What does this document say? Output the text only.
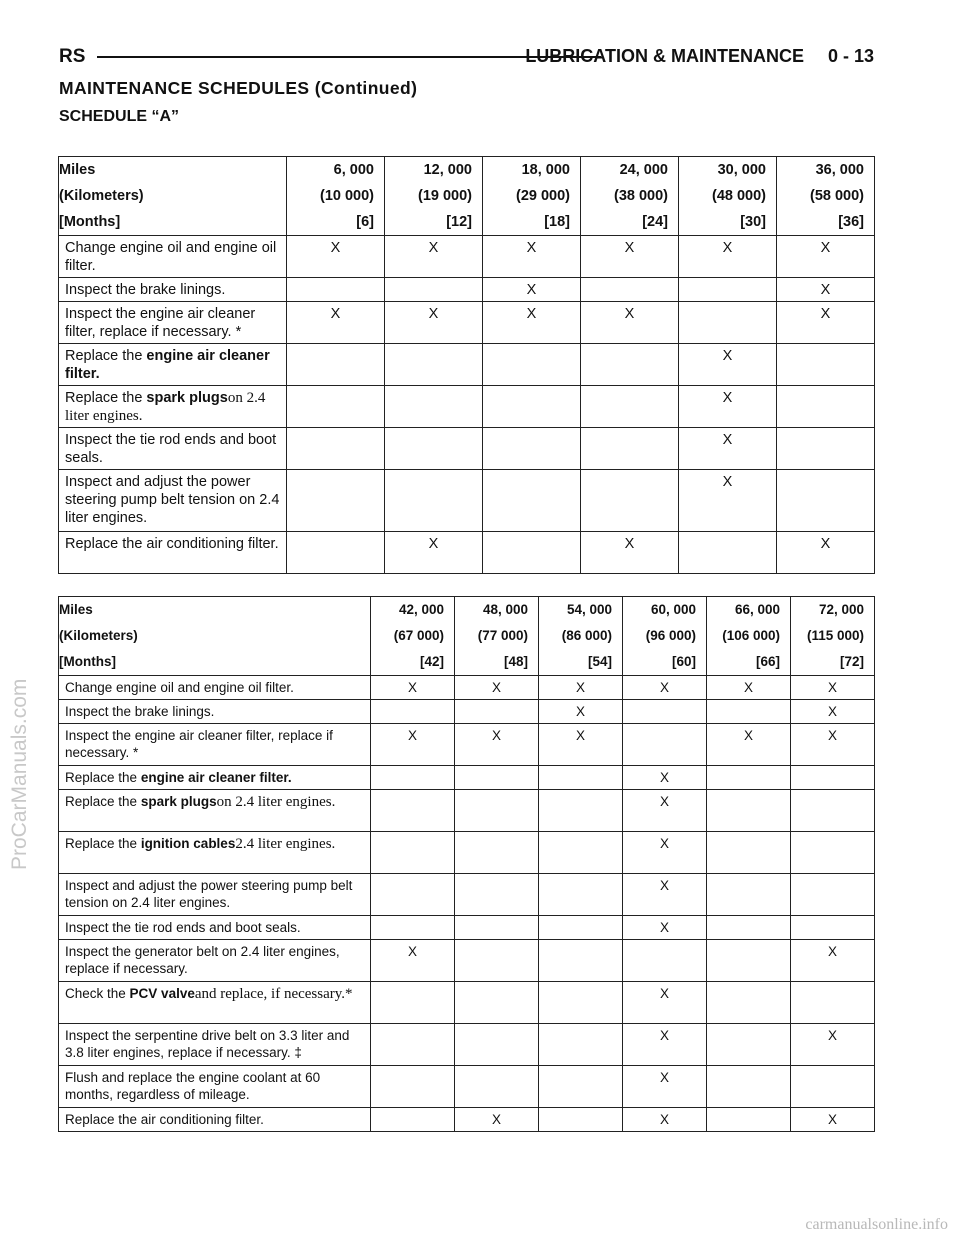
RS	LUBRICATION & MAINTENANCE 0 - 13
MAINTENANCE SCHEDULES (Continued)
SCHEDULE “A”
Miles	6, 000	12, 000	18, 000	24, 000	30, 000	36, 000

(Kilometers)	(10 000)	(19 000)	(29 000)	(38 000)	(48 000)	(58 000)

[Months]	[6]	[12]	[18]	[24]	[30]	[36]

Change engine oil and engine oil filter.	X	X	X	X	X	X
Inspect the brake linings.			X			X
Inspect the engine air cleaner filter, replace if necessary. *	X	X	X	X		X
Replace the engine air cleaner filter.					X	
Replace the spark plugson 2.4 liter engines.					X	
Inspect the tie rod ends and boot seals.					X	
Inspect and adjust the power steering pump belt tension on 2.4 liter engines.					X	
Replace the air conditioning filter.		X		X		X
Miles	42, 000	48, 000	54, 000	60, 000	66, 000	72, 000

(Kilometers)	(67 000)	(77 000)	(86 000)	(96 000)	(106 000)	(115 000)

[Months]	[42]	[48]	[54]	[60]	[66]	[72]

Change engine oil and engine oil filter.	X	X	X	X	X	X
Inspect the brake linings.			X			X
Inspect the engine air cleaner filter, replace if necessary. *	X	X	X		X	X
Replace the engine air cleaner filter.				X		
Replace the spark plugson 2.4 liter engines.				X		
Replace the ignition cables2.4 liter engines.				X		
Inspect and adjust the power steering pump belt tension on 2.4 liter engines.				X		
Inspect the tie rod ends and boot seals.				X		
Inspect the generator belt on 2.4 liter engines, replace if necessary.	X					X
Check the PCV valveand replace, if necessary.*				X		
Inspect the serpentine drive belt on 3.3 liter and 3.8 liter engines, replace if necessary. ‡				X		X
Flush and replace the engine coolant at 60 months, regardless of mileage.				X		
Replace the air conditioning filter.		X		X		X
ProCarManuals.com
carmanualsonline.info
